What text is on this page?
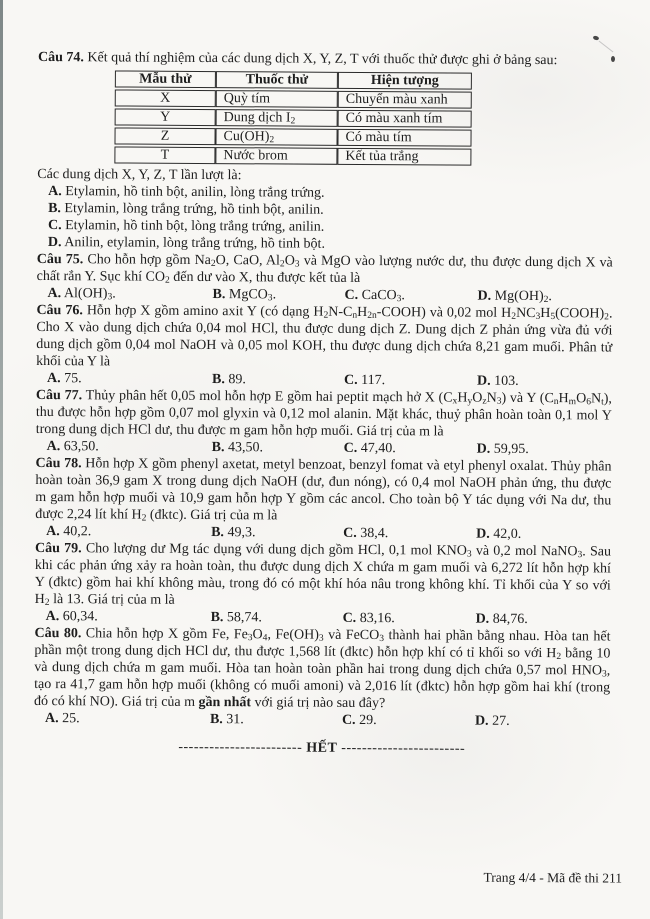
Câu 74. Kết quả thí nghiệm của các dung dịch X, Y, Z, T với thuốc thử được ghi ở bảng sau:

Mẫu thử	Thuốc thử	Hiện tượng
X	Quỳ tím	Chuyển màu xanh
Y	Dung dịch $I_2$	Có màu xanh tím
Z	$Cu(OH)_2$	Có màu tím
T	Nước brom	Kết tủa trắng

Các dung dịch X, Y, Z, T lần lượt là:

A. Etylamin, hồ tinh bột, anilin, lòng trắng trứng.
B. Etylamin, lòng trắng trứng, hồ tinh bột, anilin.
C. Etylamin, hồ tinh bột, lòng trắng trứng, anilin.
D. Anilin, etylamin, lòng trắng trứng, hồ tinh bột.

Câu 75. Cho hỗn hợp gồm $Na_2O$, CaO, $Al_2O_3$ và MgO vào lượng nước dư, thu được dung dịch X và chất rắn Y. Sục khí $CO_2$ đến dư vào X, thu được kết tủa là

A. $Al(OH)_3$.	B. MgCO$_3$.	C. CaCO$_3$.	D. $Mg(OH)_2$.

Câu 76. Hỗn hợp X gồm amino axit Y (có dạng $H_2N-C_nH_{2n}-COOH$) và 0,02 mol $H_2NC_3H_5(COOH)_2$. Cho X vào dung dịch chứa 0,04 mol HCl, thu được dung dịch Z. Dung dịch Z phản ứng vừa đủ với dung dịch gồm 0,04 mol NaOH và 0,05 mol KOH, thu được dung dịch chứa 8,21 gam muối. Phân tử khối của Y là

A. 75.	B. 89.	C. 117.	D. 103.

Câu 77. Thủy phân hết 0,05 mol hỗn hợp E gồm hai peptit mạch hở X $(C_xH_yO_zN_3)$ và Y $(C_nH_mO_6N_t)$, thu được hỗn hợp gồm 0,07 mol glyxin và 0,12 mol alanin. Mặt khác, thuỷ phân hoàn toàn 0,1 mol Y trong dung dịch HCl dư, thu được m gam hỗn hợp muối. Giá trị của m là

A. 63,50.	B. 43,50.	C. 47,40.	D. 59,95.

Câu 78. Hỗn hợp X gồm phenyl axetat, metyl benzoat, benzyl fomat và etyl phenyl oxalat. Thủy phân hoàn toàn 36,9 gam X trong dung dịch NaOH (dư, đun nóng), có 0,4 mol NaOH phản ứng, thu được m gam hỗn hợp muối và 10,9 gam hỗn hợp Y gồm các ancol. Cho toàn bộ Y tác dụng với Na dư, thu được 2,24 lít khí $H_2$ (đktc). Giá trị của m là

A. 40,2.	B. 49,3.	C. 38,4.	D. 42,0.

Câu 79. Cho lượng dư Mg tác dụng với dung dịch gồm HCl, 0,1 mol $KNO_3$ và 0,2 mol NaNO$_3$. Sau khi các phản ứng xảy ra hoàn toàn, thu được dung dịch X chứa m gam muối và 6,272 lít hỗn hợp khí Y (đktc) gồm hai khí không màu, trong đó có một khí hóa nâu trong không khí. Tỉ khối của Y so với $H_2$ là 13. Giá trị của m là

A. 60,34.	B. 58,74.	C. 83,16.	D. 84,76.

Câu 80. Chia hỗn hợp X gồm Fe, $Fe_3O_4$, $Fe(OH)_3$ và FeCO$_3$ thành hai phần bằng nhau. Hòa tan hết phần một trong dung dịch HCl dư, thu được 1,568 lít (đktc) hỗn hợp khí có tỉ khối so với $H_2$ bằng 10 và dung dịch chứa m gam muối. Hòa tan hoàn toàn phần hai trong dung dịch chứa 0,57 mol $HNO_3$, tạo ra 41,7 gam hỗn hợp muối (không có muối amoni) và 2,016 lít (đktc) hỗn hợp gồm hai khí (trong đó có khí NO). Giá trị của m gần nhất với giá trị nào sau đây?

A. 25.	B. 31.	C. 29.	D. 27.

------------------------ HẾT ------------------------

Trang 4/4 - Mã đề thi 211
